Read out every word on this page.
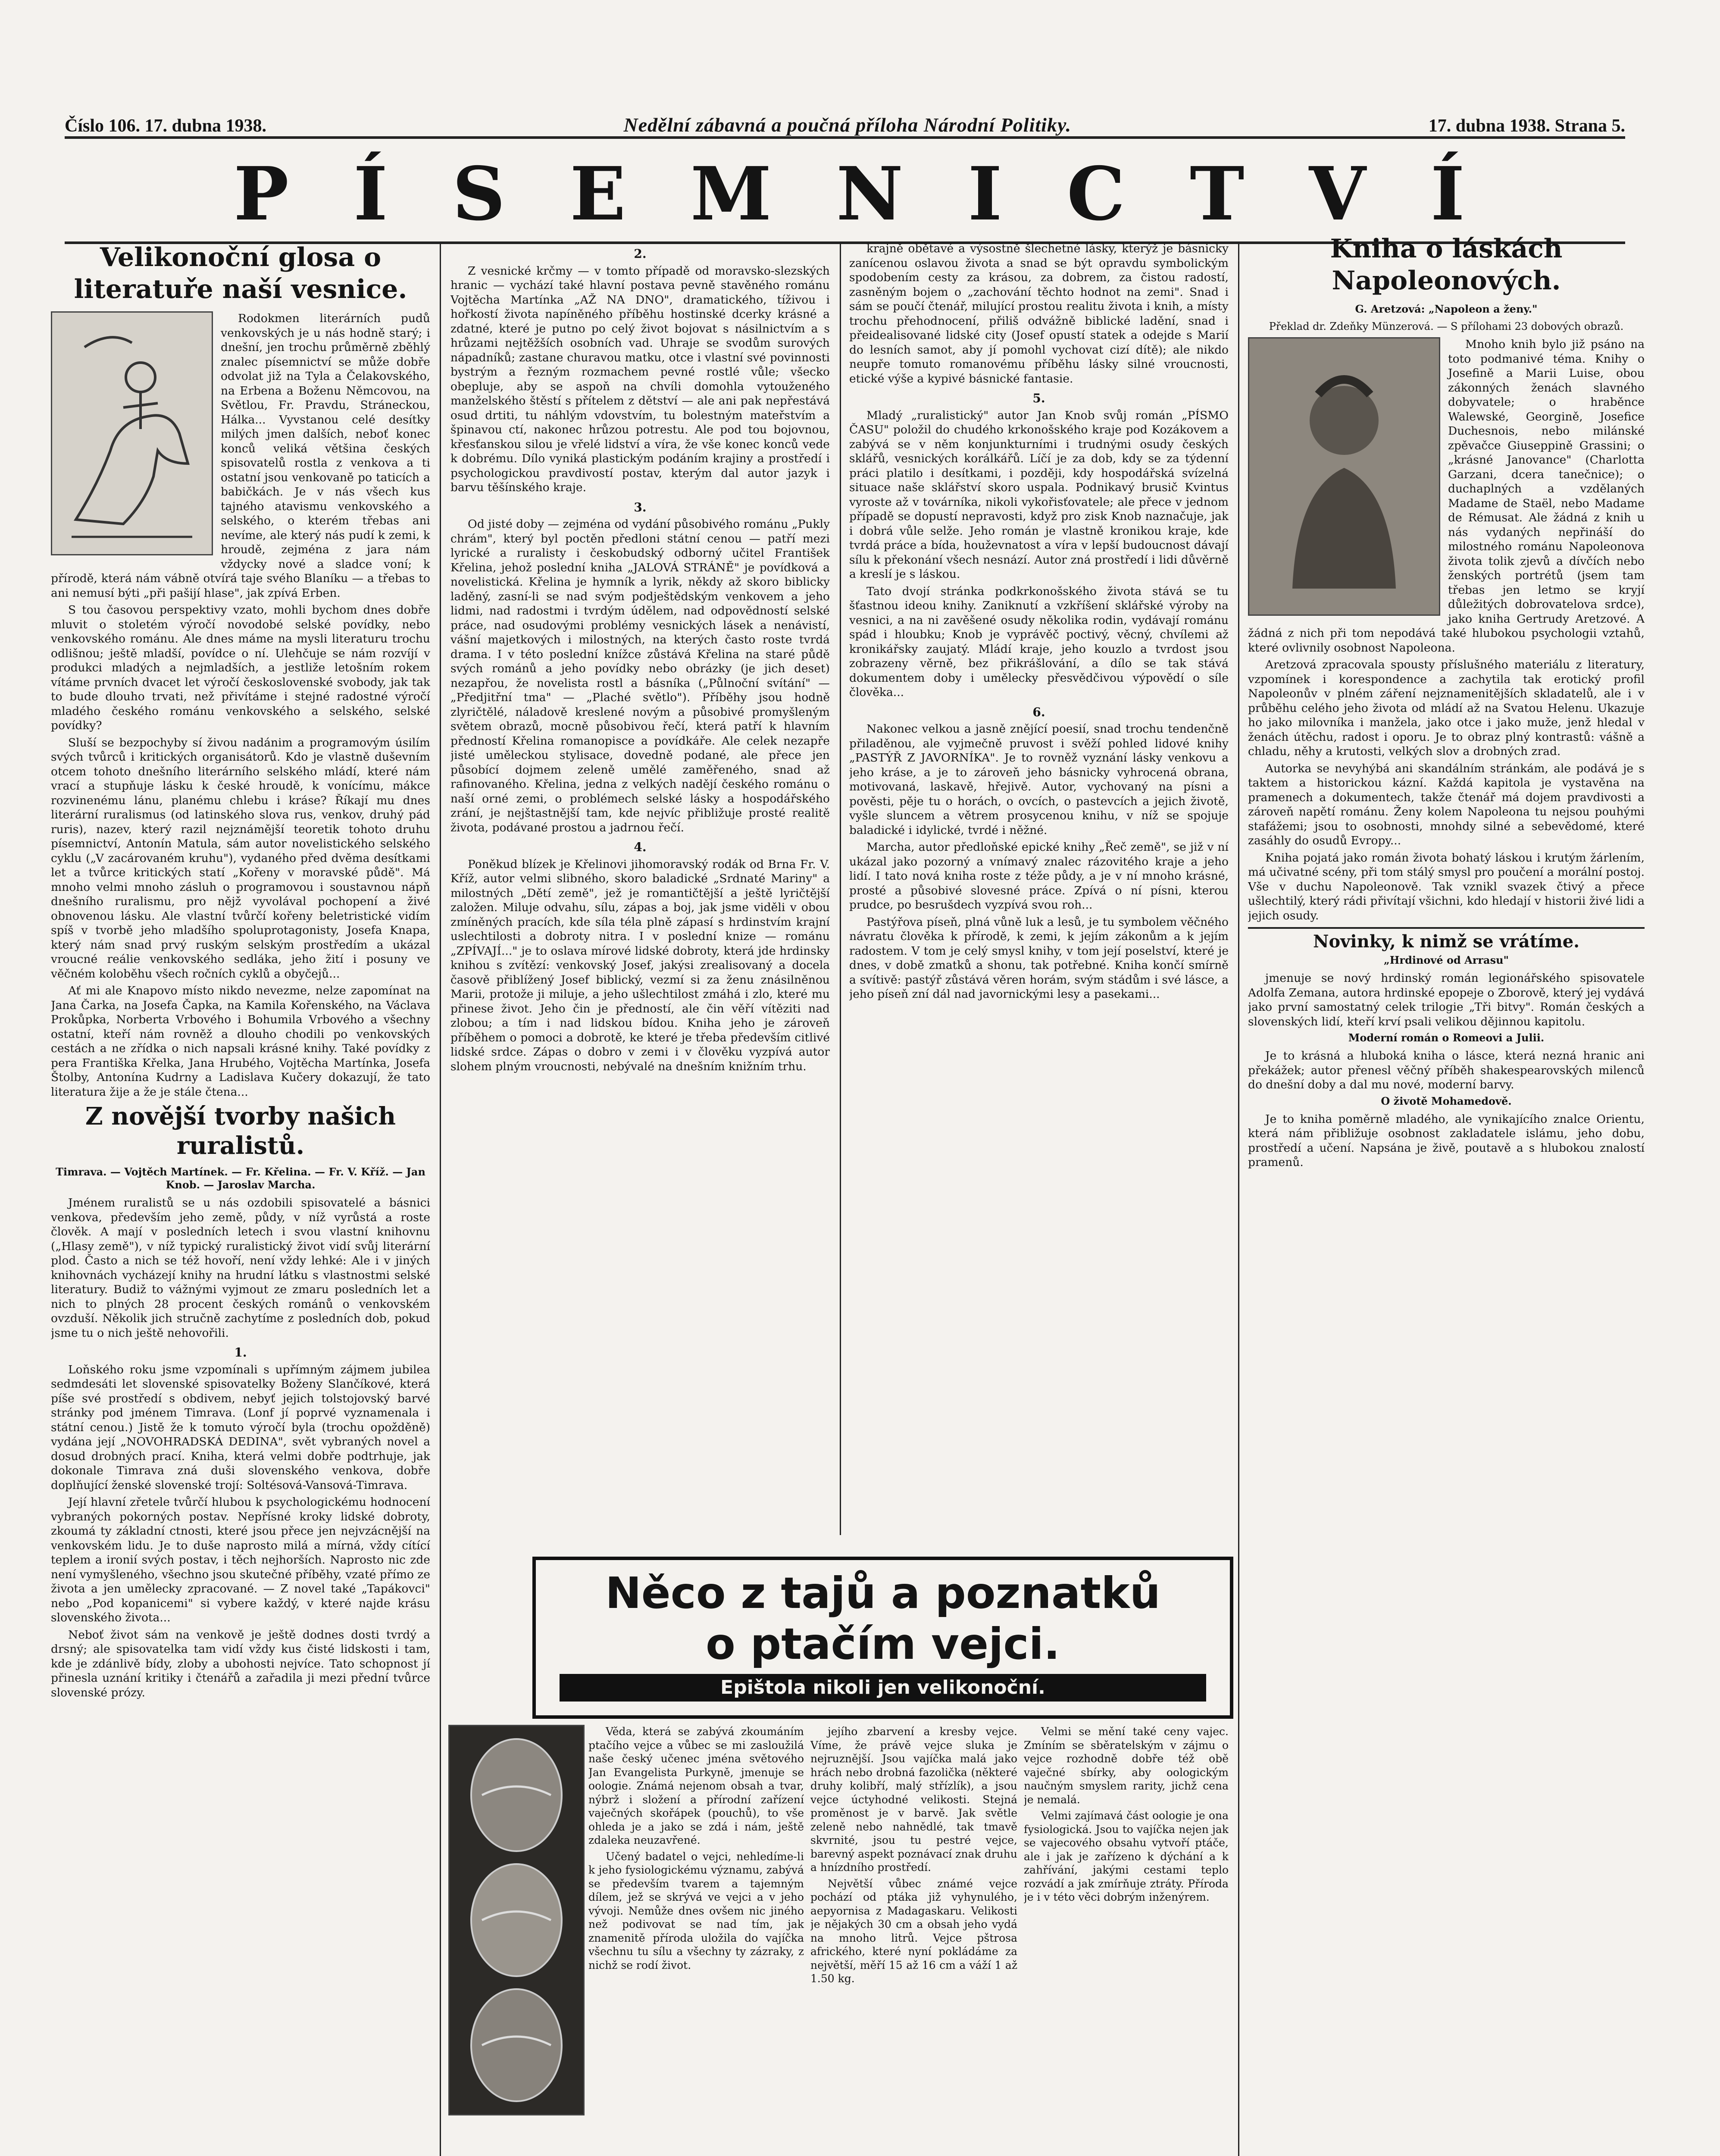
Číslo 106. 17. dubna 1938.	Nedělní zábavná a poučná příloha Národní Politiky.	17. dubna 1938. Strana 5.
PÍSEMNICTVÍ
Velikonoční glosa o literatuře naší vesnice.

Rodokmen literárních pudů venkovských je u nás hodně starý; i dnešní, jen trochu průměrně zběhlý znalec písemnictví se může dobře odvolat již na Tyla a Čelakovského, na Erbena a Boženu Němcovou, na Světlou, Fr. Pravdu, Stráneckou, Hálka... Vyvstanou celé desítky milých jmen dalších, neboť konec konců veliká většina českých spisovatelů rostla z venkova a ti ostatní jsou venkovaně po taticích a babičkách. Je v nás všech kus tajného atavismu venkovského a selského, o kterém třebas ani nevíme, ale který nás pudí k zemi, k hroudě, zejména z jara nám vždycky nové a sladce voní; k přírodě, která nám vábně otvírá taje svého Blaníku — a třebas to ani nemusí býti „při pašijí hlase", jak zpívá Erben.

S tou časovou perspektivy vzato, mohli bychom dnes dobře mluvit o stoletém výročí novodobé selské povídky, nebo venkovského románu. Ale dnes máme na mysli literaturu trochu odlišnou; ještě mladší, povídce o ní. Ulehčuje se nám rozvíjí v produkci mladých a nejmladších, a jestliže letošním rokem vítáme prvních dvacet let výročí československé svobody, jak tak to bude dlouho trvati, než přivítáme i stejné radostné výročí mladého českého románu venkovského a selského, selské povídky?

Sluší se bezpochyby sí živou nadánim a programovým úsilím svých tvůrců i kritických organisátorů. Kdo je vlastně duševním otcem tohoto dnešního literárního selského mládí, které nám vrací a stupňuje lásku k české hroudě, k vonícímu, mákce rozvinenému lánu, planému chlebu i kráse? Říkají mu dnes literární ruralismus (od latinského slova rus, venkov, druhý pád ruris), nazev, který razil nejznámější teoretik tohoto druhu písemnictví, Antonín Matula, sám autor novelistického selského cyklu („V zacárovaném kruhu"), vydaného před dvěma desítkami let a tvůrce kritických statí „Kořeny v moravské půdě". Má mnoho velmi mnoho zásluh o programovou i soustavnou nápň dnešního ruralismu, pro nějž vyvolával pochopení a živé obnovenou lásku. Ale vlastní tvůrčí kořeny beletristické vidím spíš v tvorbě jeho mladšího spoluprotagonisty, Josefa Knapa, který nám snad prvý ruským selským prostředím a ukázal vroucné reálie venkovského sedláka, jeho žití i posuny ve věčném koloběhu všech ročních cyklů a obyčejů...

Ať mi ale Knapovo místo nikdo nevezme, nelze zapomínat na Jana Čarka, na Josefa Čapka, na Kamila Kořenského, na Václava Prokůpka, Norberta Vrbového i Bohumila Vrbového a všechny ostatní, kteří nám rovněž a dlouho chodili po venkovských cestách a ne zřídka o nich napsali krásné knihy. Také povídky z pera Františka Křelka, Jana Hrubého, Vojtěcha Martínka, Josefa Štolby, Antonína Kudrny a Ladislava Kučery dokazují, že tato literatura žije a že je stále čtena...

Z novější tvorby našich ruralistů.
Timrava. — Vojtěch Martínek. — Fr. Křelina. — Fr. V. Kříž. — Jan Knob. — Jaroslav Marcha.

Jménem ruralistů se u nás ozdobili spisovatelé a básnici venkova, především jeho země, půdy, v níž vyrůstá a roste člověk. A mají v posledních letech i svou vlastní knihovnu („Hlasy země"), v níž typický ruralistický život vidí svůj literární plod. Často a nich se též hovoří, není vždy lehké: Ale i v jiných knihovnách vycházejí knihy na hrudní látku s vlastnostmi selské literatury. Budiž to vážnými vyjmout ze zmaru posledních let a nich to plných 28 procent českých románů o venkovském ovzduší. Několik jich stručně zachytíme z posledních dob, pokud jsme tu o nich ještě nehovořili.

1.

Loňského roku jsme vzpomínali s upřímným zájmem jubilea sedmdesáti let slovenské spisovatelky Boženy Slančíkové, která píše své prostředí s obdivem, nebyť jejich tolstojovský barvé stránky pod jménem Timrava. (Lonf jí poprvé vyznamenala i státní cenou.) Jistě že k tomuto výročí byla (trochu opožděně) vydána její „NOVOHRADSKÁ DEDINA", svět vybraných novel a dosud drobných prací. Kniha, která velmi dobře podtrhuje, jak dokonale Timrava zná duši slovenského venkova, dobře doplňující ženské slovenské trojí: Soltésová-Vansová-Timrava.

Její hlavní zřetele tvůrčí hlubou k psychologickému hodnocení vybraných pokorných postav. Nepřísné kroky lidské dobroty, zkoumá ty základní ctnosti, které jsou přece jen nejvzácnější na venkovském lidu. Je to duše naprosto milá a mírná, vždy cítící teplem a ironií svých postav, i těch nejhorších. Naprosto nic zde není vymyšleného, všechno jsou skutečné příběhy, vzaté přímo ze života a jen umělecky zpracované. — Z novel také „Tapákovci" nebo „Pod kopanicemi" si vybere každý, v které najde krásu slovenského života...

Neboť život sám na venkově je ještě dodnes dosti tvrdý a drsný; ale spisovatelka tam vidí vždy kus čisté lidskosti i tam, kde je zdánlivě bídy, zloby a ubohosti nejvíce. Tato schopnost jí přinesla uznání kritiky i čtenářů a zařadila ji mezi přední tvůrce slovenské prózy.

2.

Z vesnické krčmy — v tomto případě od moravsko-slezských hranic — vychází také hlavní postava pevně stavěného románu Vojtěcha Martínka „AŽ NA DNO", dramatického, tíživou i hořkostí života napíněného příběhu hostinské dcerky krásné a zdatné, které je putno po celý život bojovat s násilnictvím a s hrůzami nejtěžších osobních vad. Uhraje se svodům surových nápadníků; zastane churavou matku, otce i vlastní své povinnosti bystrým a řezným rozmachem pevné rostlé vůle; všecko obepluje, aby se aspoň na chvíli domohla vytouženého manželského štěstí s přítelem z dětství — ale ani pak nepřestává osud drtiti, tu náhlým vdovstvím, tu bolestným mateřstvím a špinavou ctí, nakonec hrůzou potrestu. Ale pod tou bojovnou, křesťanskou silou je vřelé lidství a víra, že vše konec konců vede k dobrému. Dílo vyniká plastickým podáním krajiny a prostředí i psychologickou pravdivostí postav, kterým dal autor jazyk i barvu těšínského kraje.

3.

Od jisté doby — zejména od vydání působivého románu „Pukly chrám", který byl poctěn předloni státní cenou — patří mezi lyrické a ruralisty i českobudský odborný učitel František Křelina, jehož poslední kniha „JALOVÁ STRÁNĚ" je povídková a novelistická. Křelina je hymník a lyrik, někdy až skoro biblicky laděný, zasní-li se nad svým podještědským venkovem a jeho lidmi, nad radostmi i tvrdým údělem, nad odpovědností selské práce, nad osudovými problémy vesnických lásek a nenávistí, vášní majetkových i milostných, na kterých často roste tvrdá drama. I v této poslední knížce zůstává Křelina na staré půdě svých románů a jeho povídky nebo obrázky (je jich deset) nezapřou, že novelista rostl a básníka („Půlnoční svítání" — „Předjitřní tma" — „Plaché světlo"). Příběhy jsou hodně zlyričtělé, náladově kreslené novým a působivé promyšleným světem obrazů, mocně působivou řečí, která patří k hlavním předností Křelina romanopisce a povídkáře. Ale celek nezapře jisté uměleckou stylisace, dovedně podané, ale přece jen působící dojmem zeleně umělé zaměřeného, snad až rafinovaného. Křelina, jedna z velkých nadějí českého románu o naší orné zemi, o problémech selské lásky a hospodářského zrání, je nejštastnější tam, kde nejvíc přibližuje prosté realitě života, podávané prostou a jadrnou řečí.

4.

Poněkud blízek je Křelinovi jihomoravský rodák od Brna Fr. V. Kříž, autor velmi slibného, skoro baladické „Srdnaté Mariny" a milostných „Dětí země", jež je romantičtější a ještě lyričtější založen. Miluje odvahu, sílu, zápas a boj, jak jsme viděli v obou zmíněných pracích, kde síla téla plně zápasí s hrdinstvím krajní uslechtilosti a dobroty nitra. I v poslední knize — románu „ZPÍVAJÍ..." je to oslava mírové lidské dobroty, která jde hrdinsky knihou s zvítězí: venkovský Josef, jakýsi zrealisovaný a docela časově přiblížený Josef biblický, vezmí si za ženu znásilněnou Marii, protože ji miluje, a jeho ušlechtilost zmáhá i zlo, které mu přinese život. Jeho čin je předností, ale čin věří vítěziti nad zlobou; a tím i nad lidskou bídou. Kniha jeho je zároveň příběhem o pomoci a dobrotě, ke které je třeba především citlivé lidské srdce. Zápas o dobro v zemi i v člověku vyzpívá autor slohem plným vroucnosti, nebývalé na dnešním knižním trhu.

krajně obětavé a výsostně šlechetné lásky, kterýž je básnicky zanícenou oslavou života a snad se být opravdu symbolickým spodobením cesty za krásou, za dobrem, za čistou radostí, zasněným bojem o „zachování těchto hodnot na zemi". Snad i sám se poučí čtenář, milující prostou realitu života i knih, a místy trochu přehodnocení, přiliš odvážně biblické ladění, snad i přeidealisované lidské city (Josef opustí statek a odejde s Marií do lesních samot, aby jí pomohl vychovat cizí dítě); ale nikdo neupře tomuto romanovému příběhu lásky silné vroucnosti, etické výše a kypivé básnické fantasie.

5.

Mladý „ruralistický" autor Jan Knob svůj román „PÍSMO ČASU" položil do chudého krkonošského kraje pod Kozákovem a zabývá se v něm konjunkturními i trudnými osudy českých sklářů, vesnických korálkářů. Líčí je za dob, kdy se za týdenní práci platilo i desítkami, i později, kdy hospodářská svízelná situace naše sklářství skoro uspala. Podnikavý brusič Kvintus vyroste až v továrníka, nikoli vykořisťovatele; ale přece v jednom případě se dopustí nepravosti, když pro zisk Knob naznačuje, jak i dobrá vůle selže. Jeho román je vlastně kronikou kraje, kde tvrdá práce a bída, houževnatost a víra v lepší budoucnost dávají sílu k překonání všech nesnází. Autor zná prostředí i lidi důvěrně a kreslí je s láskou.

Tato dvojí stránka podkrkonošského života stává se tu šťastnou ideou knihy. Zaniknutí a vzkříšení sklářské výroby na vesnici, a na ni zavěšené osudy několika rodin, vydávají románu spád i hloubku; Knob je vyprávěč poctivý, věcný, chvílemi až kronikářsky zaujatý. Mládí kraje, jeho kouzlo a tvrdost jsou zobrazeny věrně, bez přikrášlování, a dílo se tak stává dokumentem doby i umělecky přesvědčivou výpovědí o síle člověka...

6.

Nakonec velkou a jasně znějící poesií, snad trochu tendenčně přiladěnou, ale vyjmečně pruvost i svěží pohled lidové knihy „PASTÝŘ Z JAVORNÍKA". Je to rovněž vyznání lásky venkovu a jeho kráse, a je to zároveň jeho básnicky vyhrocená obrana, motivovaná, laskavě, hřejivě. Autor, vychovaný na písni a pověsti, pěje tu o horách, o ovcích, o pastevcích a jejich životě, vyšle sluncem a větrem prosycenou knihu, v níž se spojuje baladické i idylické, tvrdé i něžné.

Marcha, autor předloňské epické knihy „Řeč země", se již v ní ukázal jako pozorný a vnímavý znalec rázovitého kraje a jeho lidí. I tato nová kniha roste z téže půdy, a je v ní mnoho krásné, prosté a působivé slovesné práce. Zpívá o ní písni, kterou prudce, po besrušdech vyzpívá svou roh...

Pastýřova píseň, plná vůně luk a lesů, je tu symbolem věčného návratu člověka k přírodě, k zemi, k jejím zákonům a k jejím radostem. V tom je celý smysl knihy, v tom její poselství, které je dnes, v době zmatků a shonu, tak potřebné. Kniha končí smírně a svítivě: pastýř zůstává věren horám, svým stádům i své lásce, a jeho píseň zní dál nad javornickými lesy a pasekami...

Něco z tajů a poznatků
o ptačím vejci.
Epištola nikoli jen velikonoční.

Věda, která se zabývá zkoumáním ptačího vejce a vůbec se mi zasloužilá naše český učenec jména světového Jan Evangelista Purkyně, jmenuje se oologie. Známá nejenom obsah a tvar, nýbrž i složení a přírodní zařízení vaječných skořápek (pouchů), to vše ohleda je a jako se zdá i nám, ještě zdaleka neuzavřené.

Učený badatel o vejci, nehledíme-li k jeho fysiologickému významu, zabývá se především tvarem a tajemným dílem, jež se skrývá ve vejci a v jeho vývoji. Nemůže dnes ovšem nic jiného než podivovat se nad tím, jak znamenitě příroda uložila do vajíčka všechnu tu sílu a všechny ty zázraky, z nichž se rodí život.

jejího zbarvení a kresby vejce. Víme, že právě vejce sluka je nejruznější. Jsou vajíčka malá jako hrách nebo drobná fazolička (některé druhy kolibří, malý střízlík), a jsou vejce úctyhodné velikosti. Stejná proměnost je v barvě. Jak světle zeleně nebo nahnědlé, tak tmavě skvrnité, jsou tu pestré vejce, barevný aspekt poznávací znak druhu a hnízdního prostředí.

Největší vůbec známé vejce pochází od ptáka již vyhynulého, aepyornisa z Madagaskaru. Velikosti je nějakých 30 cm a obsah jeho vydá na mnoho litrů. Vejce pštrosa afrického, které nyní pokládáme za největší, měří 15 až 16 cm a váží 1 až 1.50 kg.

Velmi se mění také ceny vajec. Zmíním se sběratelským v zájmu o vejce rozhodně dobře též obě vaječné sbírky, aby oologickým naučným smyslem rarity, jichž cena je nemalá.

Velmi zajímavá část oologie je ona fysiologická. Jsou to vajíčka nejen jak se vajecového obsahu vytvoří ptáče, ale i jak je zařízeno k dýchání a k zahřívání, jakými cestami teplo rozvádí a jak zmírňuje ztráty. Příroda je i v této věci dobrým inženýrem.

Kniha o láskách Napoleonových.
G. Aretzová: „Napoleon a ženy."
Překlad dr. Zdeňky Münzerová. — S přílohami 23 dobových obrazů.

Mnoho knih bylo již psáno na toto podmanivé téma. Knihy o Josefině a Marii Luise, obou zákonných ženách slavného dobyvatele; o hraběnce Walewské, Georgině, Josefice Duchesnois, nebo milánské zpěvačce Giuseppině Grassini; o „krásné Janovance" (Charlotta Garzani, dcera tanečnice); o duchaplných a vzdělaných Madame de Staël, nebo Madame de Rémusat. Ale žádná z knih u nás vydaných nepřináší do milostného románu Napoleonova života tolik zjevů a dívčích nebo ženských portrétů (jsem tam třebas jen letmo se kryjí důležitých dobrovatelova srdce), jako kniha Gertrudy Aretzové. A žádná z nich při tom nepodává také hlubokou psychologii vztahů, které ovlivnily osobnost Napoleona.

Aretzová zpracovala spousty příslušného materiálu z literatury, vzpomínek i korespondence a zachytila tak erotický profil Napoleonův v plném záření nejznamenitějších skladatelů, ale i v průběhu celého jeho života od mládí až na Svatou Helenu. Ukazuje ho jako milovníka i manžela, jako otce i jako muže, jenž hledal v ženách útěchu, radost i oporu. Je to obraz plný kontrastů: vášně a chladu, něhy a krutosti, velkých slov a drobných zrad.

Autorka se nevyhýbá ani skandálním stránkám, ale podává je s taktem a historickou kázní. Každá kapitola je vystavěna na pramenech a dokumentech, takže čtenář má dojem pravdivosti a zároveň napětí románu. Ženy kolem Napoleona tu nejsou pouhými stafážemi; jsou to osobnosti, mnohdy silné a sebevědomé, které zasáhly do osudů Evropy...

Kniha pojatá jako román života bohatý láskou i krutým žárlením, má učivatné scény, při tom stálý smysl pro poučení a morální postoj. Vše v duchu Napoleonově. Tak vznikl svazek čtivý a přece ušlechtilý, který rádi přivítají všichni, kdo hledají v historii živé lidi a jejich osudy.

Novinky, k nimž se vrátíme.
„Hrdinové od Arrasu"

jmenuje se nový hrdinský román legionářského spisovatele Adolfa Zemana, autora hrdinské epopeje o Zborově, který jej vydává jako první samostatný celek trilogie „Tři bitvy". Román českých a slovenských lidí, kteří krví psali velikou dějinnou kapitolu.

Moderní román o Romeovi a Julii.

Je to krásná a hluboká kniha o lásce, která nezná hranic ani překážek; autor přenesl věčný příběh shakespearovských milenců do dnešní doby a dal mu nové, moderní barvy.

O životě Mohamedově.

Je to kniha poměrně mladého, ale vynikajícího znalce Orientu, která nám přibližuje osobnost zakladatele islámu, jeho dobu, prostředí a učení. Napsána je živě, poutavě a s hlubokou znalostí pramenů.
